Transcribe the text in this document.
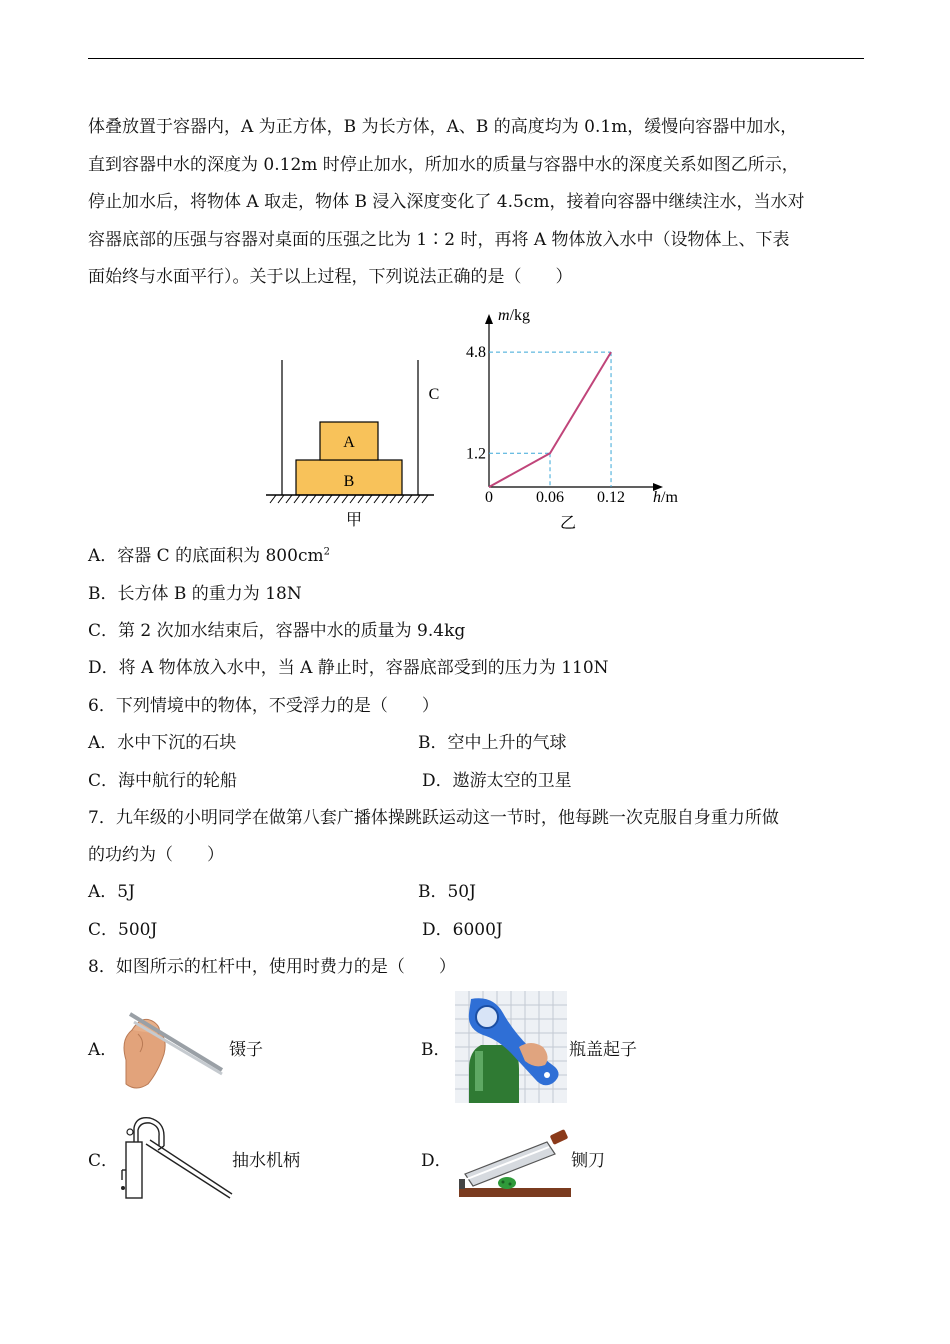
体叠放置于容器内，A 为正方体，B 为长方体，A、B 的高度均为 0.1m，缓慢向容器中加水，
直到容器中水的深度为 0.12m 时停止加水，所加水的质量与容器中水的深度关系如图乙所示，
停止加水后，将物体 A 取走，物体 B 浸入深度变化了 4.5cm，接着向容器中继续注水，当水对
容器底部的压强与容器对桌面的压强之比为 1∶2 时，再将 A 物体放入水中（设物体上、下表
面始终与水面平行）。关于以上过程，下列说法正确的是（　　）
A
B
C
甲
m/kg
h/m
0	0.06 0.12
1.2
4.8
乙
A．容器 C 的底面积为 $800cm^2$
B．长方体 B 的重力为 18N
C．第 2 次加水结束后，容器中水的质量为 9.4kg
D．将 A 物体放入水中，当 A 静止时，容器底部受到的压力为 110N
6．下列情境中的物体，不受浮力的是（　　）
A．水中下沉的石块	B．空中上升的气球
C．海中航行的轮船	D．遨游太空的卫星
7．九年级的小明同学在做第八套广播体操跳跃运动这一节时，他每跳一次克服自身重力所做
的功约为（　　）
A．5J	B．50J
C．500J	D．6000J
8．如图所示的杠杆中，使用时费力的是（　　）
A．	镊子	B．	瓶盖起子
C．	抽水机柄	D．	铡刀
